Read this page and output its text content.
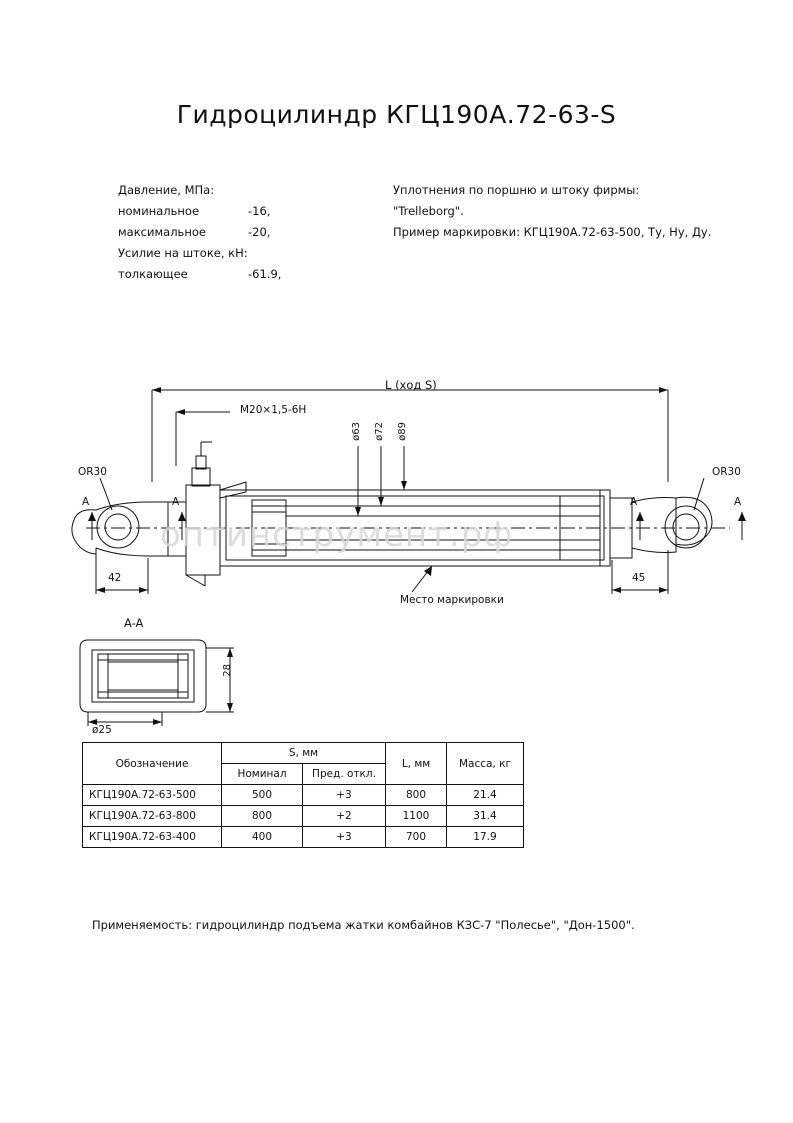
Гидроцилиндр КГЦ190А.72-63-S
Давление, МПа:
номинальное	-16,
максимальное	-20,
Усилие на штоке, кН:
толкающее	-61.9,
Уплотнения по поршню и штоку фирмы:
"Trelleborg".
Пример маркировки: КГЦ190А.72-63-500, Ту, Ну, Ду.
L (ход S)
M20×1,5-6H
ø63 ø72 ø89
OR30	OR30
A	A	A	A
42	45
Место маркировки
A-A
ø25
28
оптинструмент.рф
Обозначение	S, мм		L, мм	Масса, кг
	Номинал	Пред. откл.		
КГЦ190А.72-63-500	500	+3	800	21.4
КГЦ190А.72-63-800	800	+2	1100	31.4
КГЦ190А.72-63-400	400	+3	700	17.9
Применяемость: гидроцилиндр подъема жатки комбайнов КЗС-7 "Полесье", "Дон-1500".
